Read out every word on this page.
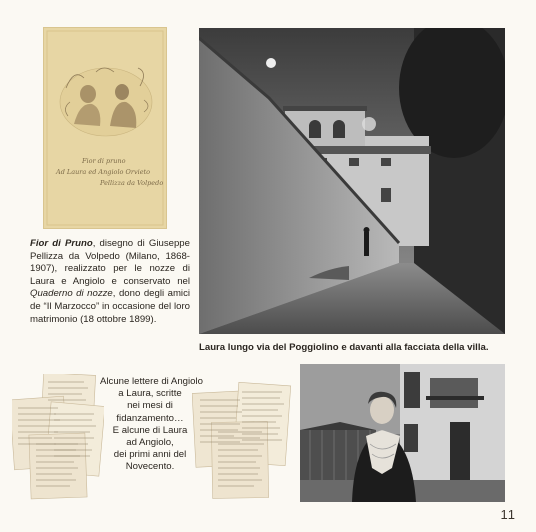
Fior di pruno
Ad Laura ed Angiolo Orvieto
Pellizza da Volpedo
Fior di Pruno, disegno di Giuseppe Pellizza da Volpedo (Milano, 1868-1907), realizzato per le nozze di Laura e Angiolo e conservato nel Quaderno di nozze, dono degli amici de “Il Marzocco” in occasione del loro matrimonio (18 ottobre 1899).
Laura lungo via del Poggiolino e davanti alla facciata della villa.
Alcune lettere di Angiolo
a Laura, scritte
nei mesi di
fidanzamento…
E alcune di Laura
ad Angiolo,
dei primi anni del
Novecento.
11
